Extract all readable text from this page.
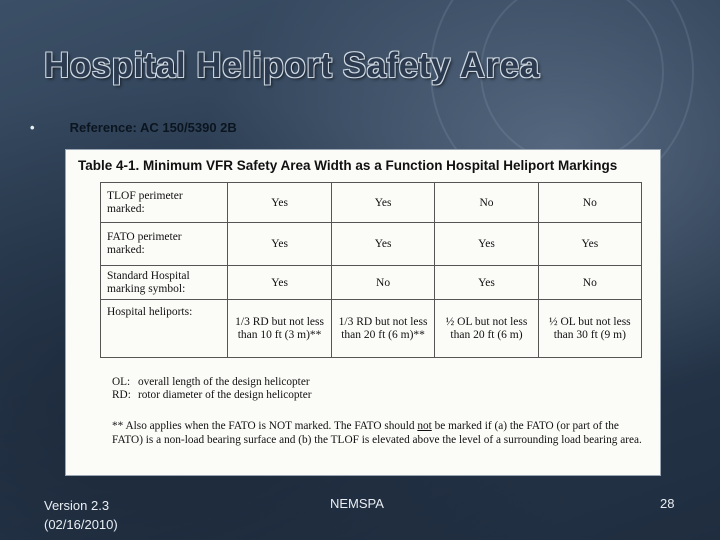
Hospital Heliport Safety Area
•	Reference: AC 150/5390 2B
Table 4-1. Minimum VFR Safety Area Width as a Function Hospital Heliport Markings
TLOF perimeter marked:	Yes	Yes	No	No
FATO perimeter marked:	Yes	Yes	Yes	Yes
Standard Hospital marking symbol:	Yes	No	Yes	No
Hospital heliports:	1/3 RD but not less than 10 ft (3 m)**	1/3 RD but not less than 20 ft (6 m)**	½ OL but not less than 20 ft (6 m)	½ OL but not less than 30 ft (9 m)
OL: overall length of the design helicopter
RD: rotor diameter of the design helicopter
** Also applies when the FATO is NOT marked. The FATO should not be marked if (a) the FATO (or part of the FATO) is a non-load bearing surface and (b) the TLOF is elevated above the level of a surrounding load bearing area.
Version 2.3
(02/16/2010)
NEMSPA	28
